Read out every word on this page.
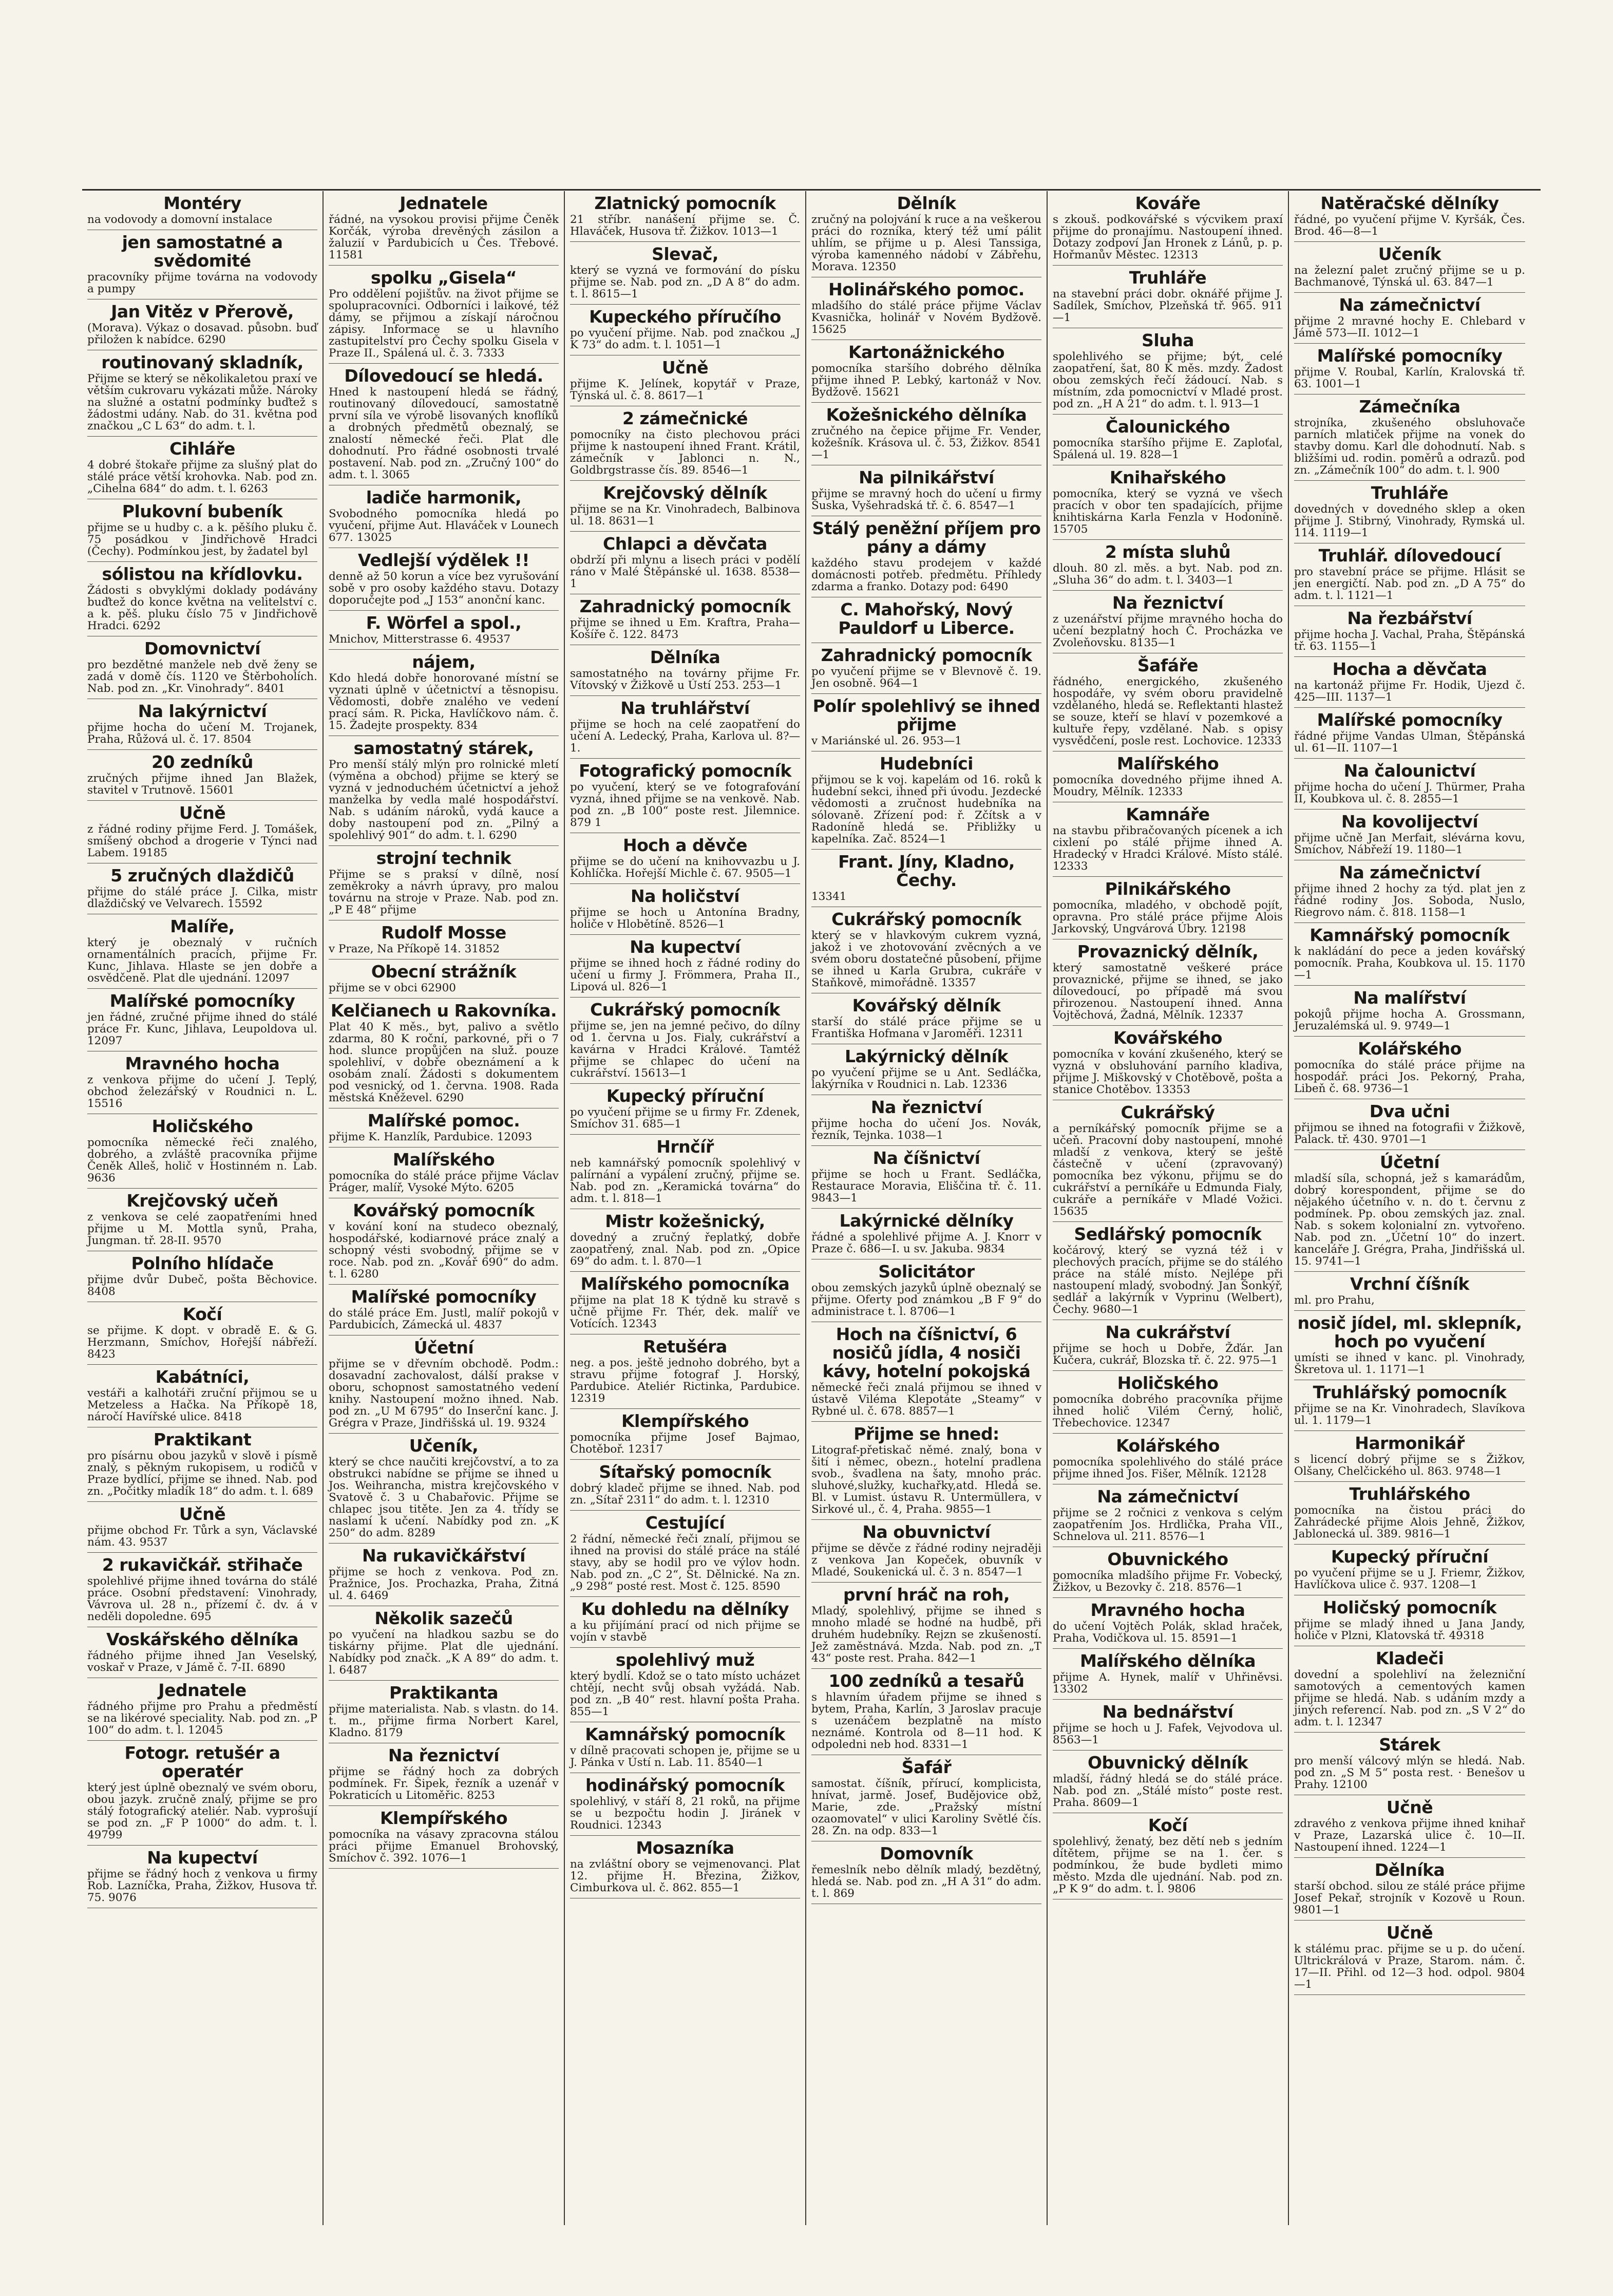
Montéry

na vodovody a domovní instalace

jen samostatné a svědomité

pracovníky přijme továrna na vodovody a pumpy

Jan Vitěz v Přerově,

(Morava). Výkaz o dosavad. působn. buď přiložen k nabídce. 6290

routinovaný skladník,

Přijme se který se několikaletou praxí ve větším cukrovaru vykázati může. Nároky na služné a ostatní podmínky buďtež s žádostmi udány. Nab. do 31. května pod značkou „C L 63“ do adm. t. l.

Cihláře

4 dobré štokaře přijme za slušný plat do stálé práce větší krohovka. Nab. pod zn. „Cihelna 684“ do adm. t. l. 6263

Plukovní bubeník

přijme se u hudby c. a k. pěšího pluku č. 75 posádkou v Jindřichově Hradci (Čechy). Podmínkou jest, by žadatel byl

sólistou na křídlovku.

Žádosti s obvyklými doklady podávány buďtež do konce května na velitelství c. a k. pěš. pluku číslo 75 v Jindřichově Hradci. 6292

Domovnictví

pro bezdětné manžele neb dvě ženy se zadá v domě čís. 1120 ve Štěrboholích. Nab. pod zn. „Kr. Vinohrady“. 8401

Na lakýrnictví

přijme hocha do učení M. Trojanek, Praha, Růžová ul. č. 17. 8504

20 zedníků

zručných přijme ihned Jan Blažek, stavitel v Trutnově. 15601

Učně

z řádné rodiny přijme Ferd. J. Tomášek, smíšený obchod a drogerie v Týnci nad Labem. 19185

5 zručných dlaždičů

přijme do stálé práce J. Cilka, mistr dlaždičský ve Velvarech. 15592

Malíře,

který je obeznalý v ručních ornamentálních pracích, přijme Fr. Kunc, Jihlava. Hlaste se jen dobře a osvědčeně. Plat dle ujednání. 12097

Malířské pomocníky

jen řádné, zručné přijme ihned do stálé práce Fr. Kunc, Jihlava, Leupoldova ul. 12097

Mravného hocha

z venkova přijme do učení J. Teplý, obchod železářský v Roudnici n. L. 15516

Holičského

pomocníka německé řeči znalého, dobrého, a zvláště pracovníka přijme Čeněk Alleš, holič v Hostinném n. Lab. 9636

Krejčovský učeň

z venkova se celé zaopatřeními hned přijme u M. Mottla synů, Praha, Jungman. tř. 28-II. 9570

Polního hlídače

přijme dvůr Dubeč, pošta Běchovice. 8408

Kočí

se přijme. K dopt. v obradě E. & G. Herzmann, Smíchov, Hořejší nábřeží. 8423

Kabátníci,

vestáři a kalhotáři zruční přijmou se u Metzeless a Hačka. Na Příkopě 18, náročí Havířské ulice. 8418

Praktikant

pro písárnu obou jazyků v slově i písmě znalý, s pěkným rukopisem, u rodičů v Praze bydlící, přijme se ihned. Nab. pod zn. „Počitky mladík 18“ do adm. t. l. 689

Učně

přijme obchod Fr. Tůrk a syn, Václavské nám. 43. 9537

2 rukavičkář. střihače

spolehlivé přijme ihned továrna do stálé práce. Osobní představení: Vinohrady, Vávrova ul. 28 n., přízemí č. dv. á v neděli dopoledne. 695

Voskářského dělníka

řádného přijme ihned Jan Veselský, voskař v Praze, v Jámě č. 7-II. 6890

Jednatele

řádného přijme pro Prahu a předměstí se na likérové speciality. Nab. pod zn. „P 100“ do adm. t. l. 12045

Fotogr. retušér a operatér

který jest úplně obeznalý ve svém oboru, obou jazyk. zručně znalý, přijme se pro stálý fotografický ateliér. Nab. vyprošují se pod zn. „F P 1000“ do adm. t. l. 49799

Na kupectví

přijme se řádný hoch z venkova u firmy Rob. Lazníčka, Praha, Žižkov, Husova tř. 75. 9076

Jednatele

řádné, na vysokou provisi přijme Čeněk Korčák, výroba drevěných zásilon a žaluzií v Pardubicích u Čes. Třebové. 11581

spolku „Gisela“

Pro oddělení pojištův. na život přijme se spolupracovníci. Odborníci i laikové, též dámy, se přijmou a získají náročnou zápisy. Informace se u hlavního zastupitelství pro Čechy spolku Gisela v Praze II., Spálená ul. č. 3. 7333

Dílovedoucí se hledá.

Hned k nastoupení hledá se řádný, routinovaný dílovedoucí, samostatně první síla ve výrobě lisovaných knoflíků a drobných předmětů obeznalý, se znalostí německé řeči. Plat dle dohodnutí. Pro řádné osobnosti trvalé postavení. Nab. pod zn. „Zručný 100“ do adm. t. l. 3065

ladiče harmonik,

Svobodného pomocníka hledá po vyučení, přijme Aut. Hlaváček v Lounech 677. 13025

Vedlejší výdělek !!

denně až 50 korun a více bez vyrušování sobě v pro osoby každého stavu. Dotazy doporučejte pod „J 153“ anonční kanc.

F. Wörfel a spol.,

Mnichov, Mitterstrasse 6. 49537

nájem,

Kdo hledá dobře honorované místní se vyznati úplně v účetnictví a těsnopisu. Vědomosti, dobře znalého ve vedení prací sám. R. Picka, Havlíčkovo nám. č. 15. Žadejte prospekty. 834

samostatný stárek,

Pro menší stálý mlýn pro rolnické mletí (výměna a obchod) přijme se který se vyzná v jednoduchém účetnictví a jehož manželka by vedla malé hospodářství. Nab. s udáním nároků, vydá kauce a doby nastoupení pod zn. „Pilný a spolehlivý 901“ do adm. t. l. 6290

strojní technik

Přijme se s praksí v dílně, nosí zeměkroky a návrh úpravy, pro malou továrnu na stroje v Praze. Nab. pod zn. „P E 48“ přijme

Rudolf Mosse

v Praze, Na Příkopě 14. 31852

Obecní strážník

přijme se v obci 62900

Kelčianech u Rakovníka.

Plat 40 K měs., byt, palivo a světlo zdarma, 80 K roční, parkovné, při o 7 hod. slunce propůjčen na služ. pouze spolehliví, v dobře obeznámení a k osobám znalí. Žádosti s dokumentem pod vesnický, od 1. června. 1908. Rada městská Kněževel. 6290

Malířské pomoc.

přijme K. Hanzlík, Pardubice. 12093

Malířského

pomocníka do stálé práce přijme Václav Práger, malíř, Vysoké Mýto. 6205

Kovářský pomocník

v kování koní na studeco obeznalý, hospodářské, kodiarnové práce znalý a schopný vésti svobodný, přijme se v roce. Nab. pod zn. „Kovář 690“ do adm. t. l. 6280

Malířské pomocníky

do stálé práce Em. Justl, malíř pokojů v Pardubicích, Zámecká ul. 4837

Účetní

přijme se v dřevním obchodě. Podm.: dosavadní zachovalost, dálší prakse v oboru, schopnost samostatného vedení knihy. Nastoupení možno ihned. Nab. pod zn. „U M 6795“ do Inserční kanc. J. Grégra v Praze, Jindřišská ul. 19. 9324

Učeník,

který se chce naučiti krejčovství, a to za obstrukci nabídne se přijme se ihned u Jos. Weihrancha, mistra krejčovského v Svatově č. 3 u Chabařovic. Přijme se chlapec jsou titěte. Jen za 4. třídy se naslamí k učení. Nabídky pod zn. „K 250“ do adm. 8289

Na rukavičkářství

přijme se hoch z venkova. Pod zn. Pražnice, Jos. Prochazka, Praha, Žitná ul. 4. 6469

Několik sazečů

po vyučení na hladkou sazbu se do tiskárny přijme. Plat dle ujednání. Nabídky pod značk. „K A 89“ do adm. t. l. 6487

Praktikanta

přijme materialista. Nab. s vlastn. do 14. t. m., přijme firma Norbert Karel, Kladno. 8179

Na řeznictví

přijme se řádný hoch za dobrých podmínek. Fr. Šipek, řezník a uzenář v Pokraticích u Litoměřic. 8253

Klempířského

pomocníka na vásavy zpracovna stálou práci přijme Emanuel Brohovský, Smíchov č. 392. 1076—1

Zlatnický pomocník

21 stříbr. nanášení přijme se. Č. Hlaváček, Husova tř. Žižkov. 1013—1

Slevač,

který se vyzná ve formování do písku přijme se. Nab. pod zn. „D A 8“ do adm. t. l. 8615—1

Kupeckého příručího

po vyučení přijme. Nab. pod značkou „J K 73“ do adm. t. l. 1051—1

Učně

přijme K. Jelínek, kopytář v Praze, Týnská ul. č. 8. 8617—1

2 zámečnické

pomocníky na čisto plechovou práci přijme k nastoupení ihned Frant. Krátil, zámečník v Jablonci n. N., Goldbrgstrasse čís. 89. 8546—1

Krejčovský dělník

přijme se na Kr. Vinohradech, Balbinova ul. 18. 8631—1

Chlapci a děvčata

obdrží při mlynu a lisech práci v podělí ráno v Malé Štěpánské ul. 1638. 8538—1

Zahradnický pomocník

přijme se ihned u Em. Kraftra, Praha—Košíře č. 122. 8473

Dělníka

samostatného na továrny přijme Fr. Vítovský v Žižkově u Ústí 253. 253—1

Na truhlářství

přijme se hoch na celé zaopatření do učení A. Ledecký, Praha, Karlova ul. 8?—1.

Fotografický pomocník

po vyučení, který se ve fotografování vyzná, ihned přijme se na venkově. Nab. pod zn. „B 100“ poste rest. Jilemnice. 879 1

Hoch a děvče

přijme se do učení na knihovvazbu u J. Kohlíčka. Hořejší Michle č. 67. 9505—1

Na holičství

přijme se hoch u Antonína Bradny, holiče v Hlobětíně. 8526—1

Na kupectví

přijme se ihned hoch z řádné rodiny do učení u firmy J. Frömmera, Praha II., Lipová ul. 826—1

Cukrářský pomocník

přijme se, jen na jemné pečivo, do dílny od 1. června u Jos. Fialy, cukrářství a kavárna v Hradci Králové. Tamtéž přijme se chlapec do učení na cukrářství. 15613—1

Kupecký příruční

po vyučení přijme se u firmy Fr. Zdenek, Smíchov 31. 685—1

Hrnčíř

neb kamnářský pomocník spolehlivý v palírnání a vypálení zručný, přijme se. Nab. pod zn. „Keramická továrna“ do adm. t. l. 818—1

Mistr kožešnický,

dovedný a zručný řeplatký, dobře zaopatřený, znal. Nab. pod zn. „Opice 69“ do adm. t. l. 870—1

Malířského pomocníka

přijme na plat 18 K týdně ku stravě s učně přijme Fr. Thér, dek. malíř ve Votících. 12343

Retušéra

neg. a pos. ještě jednoho dobrého, byt a stravu přijme fotograf J. Horský, Pardubice. Ateliér Rictinka, Pardubice. 12319

Klempířského

pomocníka přijme Josef Bajmao, Chotěboř. 12317

Sítařský pomocník

dobrý kladeč přijme se ihned. Nab. pod zn. „Sítař 2311“ do adm. t. l. 12310

Cestující

2 řádní, německé řeči znalí, přijmou se ihned na provisi do stálé práce na stálé stavy, aby se hodil pro ve výlov hodn. Nab. pod zn. „C 2“, St. Dělnické. Na zn. „9 298“ posté rest. Most č. 125. 8590

Ku dohledu na dělníky

a ku přijímání prací od nich přijme se vojín v stavbě

spolehlivý muž

který bydlí. Kdož se o tato místo ucházet chtějí, necht svůj obsah vyžádá. Nab. pod zn. „B 40“ rest. hlavní pošta Praha. 855—1

Kamnářský pomocník

v dílně pracovati schopen je, přijme se u J. Pánka v Ústí n. Lab. 11. 8540—1

hodinářský pomocník

spolehlivý, v stáří 8, 21 roků, na přijme se u bezpočtu hodin J. Jiránek v Roudnici. 12343

Mosazníka

na zvláštní obory se vejmenovanci. Plat 12. přijme H. Březina, Žižkov, Cimburkova ul. č. 862. 855—1

Dělník

zručný na polojvání k ruce a na veškerou práci do rozníka, který též umí pálit uhlím, se přijme u p. Alesi Tanssiga, výroba kamenného nádobí v Zábřehu, Morava. 12350

Holinářského pomoc.

mladšího do stálé práce přijme Václav Kvasnička, holinář v Novém Bydžově. 15625

Kartonážnického

pomocníka staršího dobrého dělníka přijme ihned P. Lebký, kartonáž v Nov. Bydžově. 15621

Kožešnického dělníka

zručného na čepice přijme Fr. Vender, kožešník. Krásova ul. č. 53, Žižkov. 8541—1

Na pilnikářství

přijme se mravný hoch do učení u firmy Šuska, Vyšehradská tř. č. 6. 8547—1

Stálý peněžní příjem pro pány a dámy

každého stavu prodejem v každé domácnosti potřeb. předmětu. Příhledy zdarma a franko. Dotazy pod: 6490

C. Mahořský, Nový Pauldorf u Liberce.

Zahradnický pomocník

po vyučení přijme se v Blevnově č. 19. Jen osobně. 964—1

Polír spolehlivý se ihned přijme

v Mariánské ul. 26. 953—1

Hudebníci

přijmou se k voj. kapelám od 16. roků k hudební sekci, ihned při úvodu. Jezdecké vědomosti a zručnost hudebníka na sólovaně. Zřízení pod: ř. Zčítsk a v Radoníně hledá se. Přibližky u kapelníka. Zač. 8524—1

Frant. Jíny, Kladno, Čechy.

13341

Cukrářský pomocník

který se v hlavkovým cukrem vyzná, jakož i ve zhotovování zvěcných a ve svém oboru dostatečné působení, přijme se ihned u Karla Grubra, cukráře v Staňkově, mimořádně. 13357

Kovářský dělník

starší do stálé práce přijme se u Františka Hofmana v Jaroměři. 12311

Lakýrnický dělník

po vyučení přijme se u Ant. Sedláčka, lakýrníka v Roudnici n. Lab. 12336

Na řeznictví

přijme hocha do učení Jos. Novák, řezník, Tejnka. 1038—1

Na číšnictví

přijme se hoch u Frant. Sedláčka, Restaurace Moravia, Eliščina tř. č. 11. 9843—1

Lakýrnické dělníky

řádné a spolehlivé přijme A. J. Knorr v Praze č. 686—I. u sv. Jakuba. 9834

Solicitátor

obou zemských jazyků úplně obeznalý se přijme. Oferty pod známkou „B F 9“ do administrace t. l. 8706—1

Hoch na číšnictví, 6 nosičů jídla, 4 nosiči kávy, hotelní pokojská

německé řeči znalá přijmou se ihned v ústavě Viléma Klepotáte „Steamy“ v Rybné ul. č. 678. 8857—1

Přijme se hned:

Litograf-přetiskač němé. znalý, bona v šití i němec, obezn., hotelní pradlena svob., švadlena na šaty, mnoho prác. sluhové,služky, kuchařky,atd. Hledá se. Bl. v Lumist. ústavu R. Untermüllera, v Sirkové ul., č. 4, Praha. 9855—1

Na obuvnictví

přijme se děvče z řádné rodiny nejraději z venkova Jan Kopeček, obuvník v Mladé, Soukenická ul. č. 3 n. 8547—1

první hráč na roh,

Mladý, spolehlivý, přijme se ihned s mnoho mladé se hodné na hudbě, při druhém hudebníky. Rejzn se zkušeností. Jež zaměstnává. Mzda. Nab. pod zn. „T 43“ poste rest. Praha. 842—1

100 zedníků a tesařů

s hlavním úřadem přijme se ihned s bytem, Praha, Karlín, 3 Jaroslav pracuje s uzenáčem bezplatně na místo neznámé. Kontrola od 8—11 hod. K odpoledni neb hod. 8331—1

Šafář

samostat. číšník, přírucí, komplicista, hnívat, jarmě. Josef, Budějovice obž, Marie, zde. „Pražský místní ozaomovatel“ v ulici Karoliny Světlé čís. 28. Zn. na odp. 833—1

Domovník

řemeslník nebo dělník mladý, bezdětný, hledá se. Nab. pod zn. „H A 31“ do adm. t. l. 869

Kováře

s zkouš. podkovářské s výcvikem praxí přijme do pronajímu. Nastoupení ihned. Dotazy zodpoví Jan Hronek z Lánů, p. p. Hořmanův Městec. 12313

Truhláře

na stavební práci dobr. oknářé přijme J. Sadílek, Smíchov, Plzeňská tř. 965. 911—1

Sluha

spolehlivého se přijme; být, celé zaopatření, šat, 80 K měs. mzdy. Žadost obou zemských řečí žádoucí. Nab. s místním, zda pomocnictví v Mladé prost. pod zn. „H A 21“ do adm. t. l. 913—1

Čalounického

pomocníka staršího přijme E. Zaploťal, Spálená ul. 19. 828—1

Knihařského

pomocníka, který se vyzná ve všech pracích v obor ten spadajících, přijme knihtiskárna Karla Fenzla v Hodoníně. 15705

2 místa sluhů

dlouh. 80 zl. měs. a byt. Nab. pod zn. „Sluha 36“ do adm. t. l. 3403—1

Na řeznictví

z uzenářství přijme mravného hocha do učení bezplatný hoch Č. Procházka ve Zvoleňovsku. 8135—1

Šafáře

řádného, energického, zkušeného hospodáře, vy svém oboru pravidelně vzdělaného, hledá se. Reflektanti hlastež se souze, kteří se hlaví v pozemkové a kultuře řepy, vzdělané. Nab. s opisy vysvědčení, posle rest. Lochovice. 12333

Malířského

pomocníka dovedného přijme ihned A. Moudry, Mělník. 12333

Kamnáře

na stavbu přibračovaných pícenek a ich cixlení po stálé přijme ihned A. Hradecký v Hradci Králové. Místo stálé. 12333

Pilnikářského

pomocníka, mladého, v obchodě pojít, opravna. Pro stálé práce přijme Alois Jarkovský, Ungvárová Úbry. 12198

Provaznický dělník,

který samostatně veškeré práce provaznické, přijme se ihned, se jako dílovedoucí, po případě má svou přirozenou. Nastoupení ihned. Anna Vojtěchová, Žadná, Mělník. 12337

Kovářského

pomocníka v kování zkušeného, který se vyzná v obsluhování parního kladiva, přijme J. Miškovský v Chotěbově, pošta a stanice Chotěbov. 13353

Cukrářský

a perníkářský pomocník přijme se a učeň. Pracovní doby nastoupení, mnohé mladší z venkova, který se ještě částečně v učení (zpravovaný) pomocníka bez výkonu, přijmu se do cukrářství a perníkáře u Edmunda Fialy, cukráře a perníkáře v Mladé Vožici. 15635

Sedlářský pomocník

kočárový, který se vyzná též i v plechových pracích, přijme se do stálého práce na stálé místo. Nejlépe při nastoupení mladý, svobodný. Jan Šonkýř, sedlář a lakýrník v Vyprinu (Welbert), Čechy. 9680—1

Na cukrářství

přijme se hoch u Dobře, Žďár. Jan Kučera, cukrář, Blozska tř. č. 22. 975—1

Holičského

pomocníka dobrého pracovníka přijme ihned holič Vilém Černý, holič, Třebechovice. 12347

Kolářského

pomocníka spolehlivého do stálé práce přijme ihned Jos. Fišer, Mělník. 12128

Na zámečnictví

přijme se 2 ročnici z venkova s celým zaopatřením Jos. Hrdlička, Praha VII., Schnelova ul. 211. 8576—1

Obuvnického

pomocníka mladšího přijme Fr. Vobecký, Žižkov, u Bezovky č. 218. 8576—1

Mravného hocha

do učení Vojtěch Polák, sklad hraček, Praha, Vodičkova ul. 15. 8591—1

Malířského dělníka

přijme A. Hynek, malíř v Uhřiněvsi. 13302

Na bednářství

přijme se hoch u J. Fafek, Vejvodova ul. 8563—1

Obuvnický dělník

mladší, řádný hledá se do stálé práce. Nab. pod zn. „Stálé místo“ poste rest. Praha. 8609—1

Kočí

spolehlivý, ženatý, bez dětí neb s jedním dítětem, přijme se na 1. čer. s podmínkou, že bude bydleti mimo město. Mzda dle ujednání. Nab. pod zn. „P K 9“ do adm. t. l. 9806

Natěračské dělníky

řádné, po vyučení přijme V. Kyršák, Čes. Brod. 46—8—1

Učeník

na železní palet zručný přijme se u p. Bachmanové, Týnská ul. 63. 847—1

Na zámečnictví

přijme 2 mravné hochy E. Chlebard v Jámě 573—II. 1012—1

Malířské pomocníky

přijme V. Roubal, Karlín, Kralovská tř. 63. 1001—1

Zámečníka

strojníka, zkušeného obsluhovače parních mlatiček přijme na vonek do stavby domu. Karl dle dohodnutí. Nab. s bližšími ud. rodin. poměrů a odrazů. pod zn. „Zámečník 100“ do adm. t. l. 900

Truhláře

dovedných v dovedného sklep a oken přijme J. Stibrný, Vinohrady, Rymská ul. 114. 1119—1

Truhlář. dílovedoucí

pro stavební práce se přijme. Hlásit se jen energičtí. Nab. pod zn. „D A 75“ do adm. t. l. 1121—1

Na řezbářství

přijme hocha J. Vachal, Praha, Štěpánská tř. 63. 1155—1

Hocha a děvčata

na kartonáž přijme Fr. Hodik, Ujezd č. 425—III. 1137—1

Malířské pomocníky

řádné přijme Vandas Ulman, Štěpánská ul. 61—II. 1107—1

Na čalounictví

přijme hocha do učení J. Thürmer, Praha II, Koubkova ul. č. 8. 2855—1

Na kovolijectví

přijme učně Jan Merfait, slévárna kovu, Smíchov, Nábřeží 19. 1180—1

Na zámečnictví

přijme ihned 2 hochy za týd. plat jen z řádné rodiny Jos. Soboda, Nuslo, Riegrovo nám. č. 818. 1158—1

Kamnářský pomocník

k nakládání do pece a jeden kovářský pomocník. Praha, Koubkova ul. 15. 1170—1

Na malířství

pokojů přijme hocha A. Grossmann, Jeruzalémská ul. 9. 9749—1

Kolářského

pomocníka do stálé práce přijme na hospodář. práci Jos. Pekorný, Praha, Libeň č. 68. 9736—1

Dva učni

přijmou se ihned na fotografii v Žižkově, Palack. tř. 430. 9701—1

Účetní

mladší síla, schopná, jež s kamarádům, dobrý korespondent, přijme se do nějakého účetního v. n. do t. červnu z podmínek. Pp. obou zemských jaz. znal. Nab. s sokem kolonialní zn. vytvořeno. Nab. pod zn. „Účetní 10“ do inzert. kanceláře J. Grégra, Praha, Jindřišská ul. 15. 9741—1

Vrchní číšník

ml. pro Prahu,

nosič jídel, ml. sklepník, hoch po vyučení

umísti se ihned v kanc. pl. Vinohrady, Škretova ul. 1. 1171—1

Truhlářský pomocník

přijme se na Kr. Vinohradech, Slavíkova ul. 1. 1179—1

Harmonikář

s licencí dobrý přijme se s Žižkov, Olšany, Chelčického ul. 863. 9748—1

Truhlářského

pomocníka na čistou práci do Zahrádecké přijme Alois Jehně, Žižkov, Jablonecká ul. 389. 9816—1

Kupecký příruční

po vyučení přijme se u J. Friemr, Žižkov, Havlíčkova ulice č. 937. 1208—1

Holičský pomocník

přijme se mladý ihned u Jana Jandy, holiče v Plzni, Klatovská tř. 49318

Kladeči

dovední a spolehliví na železniční samotových a cementových kamen přijme se hledá. Nab. s udáním mzdy a jiných referencí. Nab. pod zn. „S V 2“ do adm. t. l. 12347

Stárek

pro menší válcový mlýn se hledá. Nab. pod zn. „S M 5“ posta rest. · Benešov u Prahy. 12100

Učně

zdravého z venkova přijme ihned knihař v Praze, Lazarská ulice č. 10—II. Nastoupení ihned. 1224—1

Dělníka

starší obchod. silou ze stálé práce přijme Josef Pekař, strojník v Kozově u Roun. 9801—1

Učně

k stálému prac. přijme se u p. do učení. Ultrickrálová v Praze, Starom. nám. č. 17—II. Přihl. od 12—3 hod. odpol. 9804—1
